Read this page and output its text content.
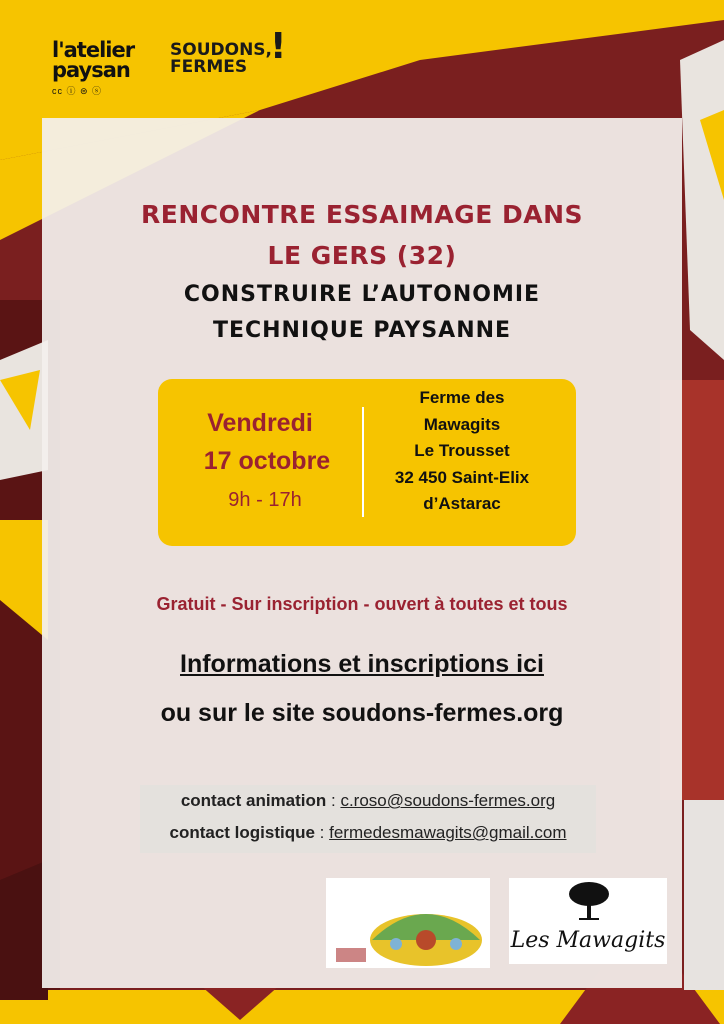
l'atelier
paysan
cc ⓘ ⊜ ⓢ
SOUDONS,
FERMES !
RENCONTRE ESSAIMAGE DANS
LE GERS (32)
CONSTRUIRE L’AUTONOMIE
TECHNIQUE PAYSANNE
Vendredi
17 octobre
9h - 17h
Ferme des
Mawagits
Le Trousset
32 450 Saint-Elix
d’Astarac
Gratuit - Sur inscription - ouvert à toutes et tous
Informations et inscriptions ici
ou sur le site soudons-fermes.org
contact animation : c.roso@soudons-fermes.org
contact logistique : fermedesmawagits@gmail.com
Les Mawagits
